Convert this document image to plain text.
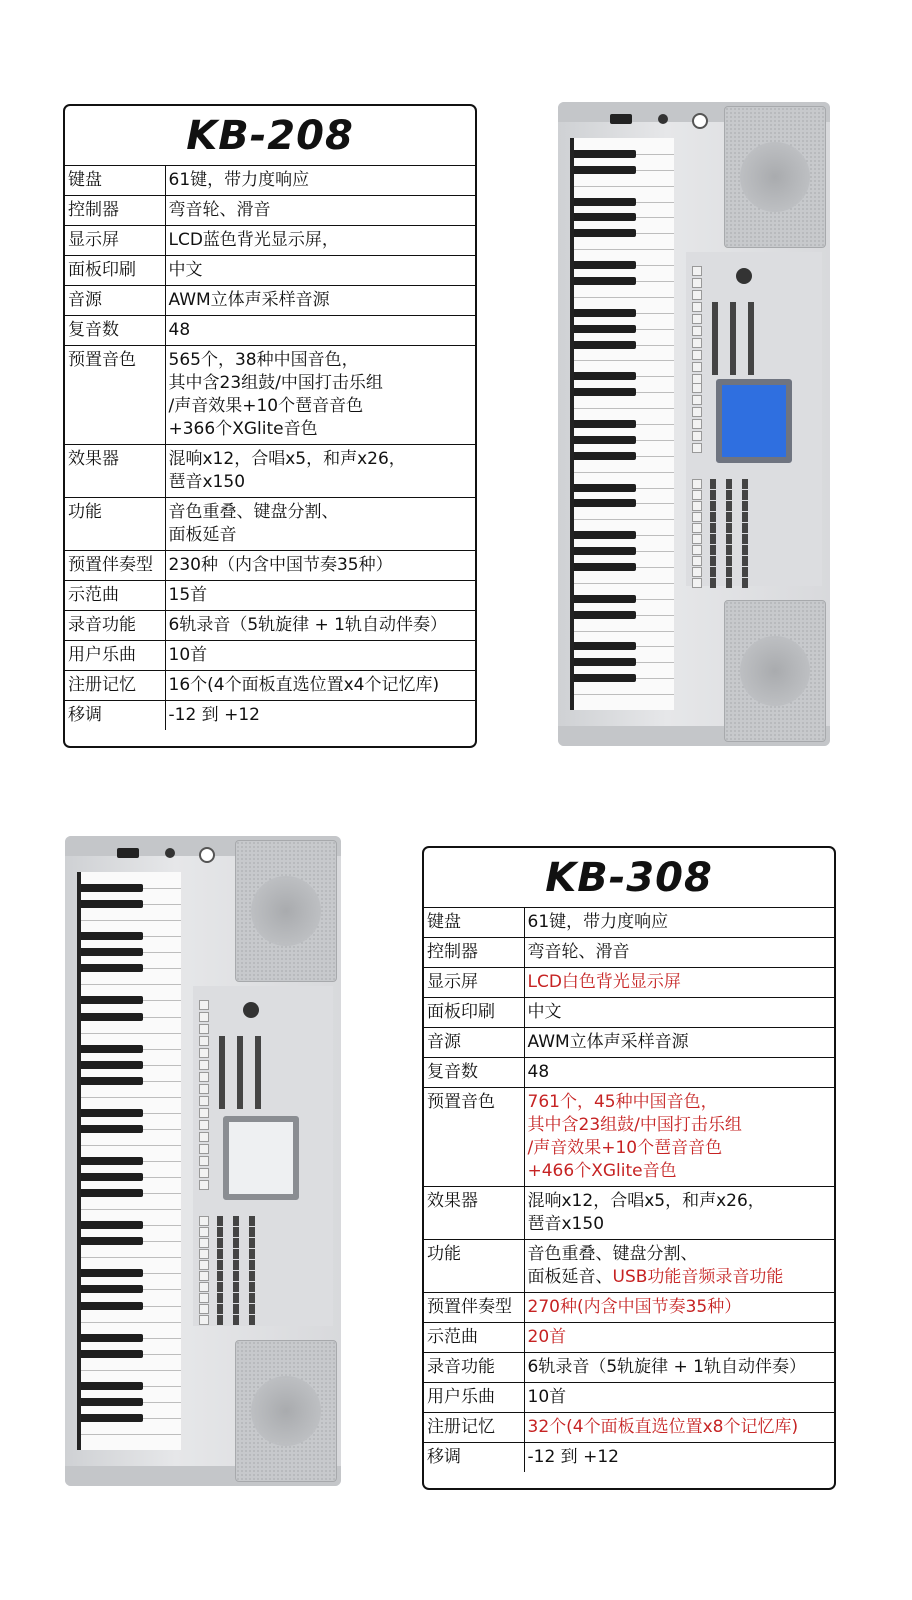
KB-208
键盘	61键，带力度响应

控制器	弯音轮、滑音

显示屏	LCD蓝色背光显示屏，

面板印刷	中文

音源	AWM立体声采样音源

复音数	48

预置音色	565个，38种中国音色，
其中含23组鼓/中国打击乐组
/声音效果+10个琶音音色
+366个XGlite音色

效果器	混响x12，合唱x5，和声x26，
琶音x150

功能	音色重叠、键盘分割、
面板延音

预置伴奏型	230种（内含中国节奏35种）

示范曲	15首

录音功能	6轨录音（5轨旋律 + 1轨自动伴奏）

用户乐曲	10首

注册记忆	16个(4个面板直选位置x4个记忆库)

移调	-12 到 +12
KB-308
键盘	61键，带力度响应

控制器	弯音轮、滑音

显示屏	LCD白色背光显示屏

面板印刷	中文

音源	AWM立体声采样音源

复音数	48

预置音色	761个，45种中国音色，
其中含23组鼓/中国打击乐组
/声音效果+10个琶音音色
+466个XGlite音色

效果器	混响x12，合唱x5，和声x26，
琶音x150

功能	音色重叠、键盘分割、
面板延音、USB功能音频录音功能

预置伴奏型	270种(内含中国节奏35种）

示范曲	20首

录音功能	6轨录音（5轨旋律 + 1轨自动伴奏）

用户乐曲	10首

注册记忆	32个(4个面板直选位置x8个记忆库)

移调	-12 到 +12
